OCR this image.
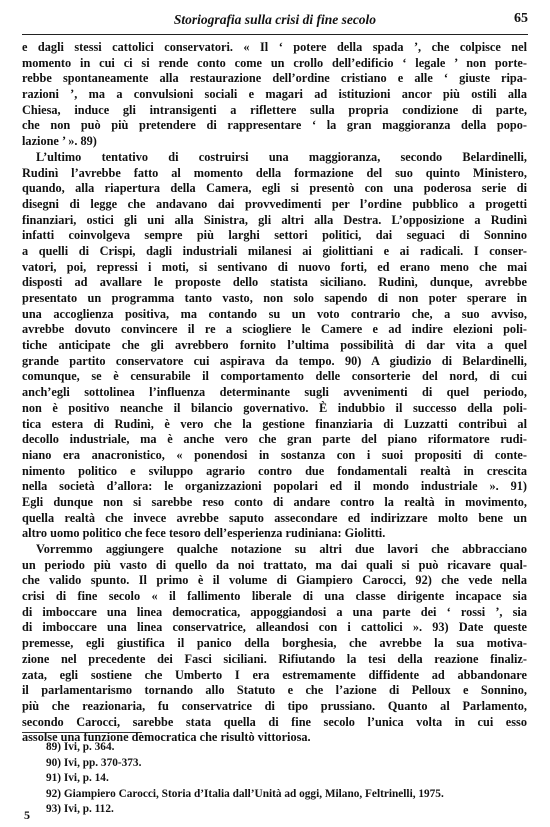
Storiografia sulla crisi di fine secolo	65
e dagli stessi cattolici conservatori. « Il ‘ potere della spada ’, che colpisce nel
momento in cui ci si rende conto come un crollo dell’edificio ‘ legale ’ non porte-
rebbe spontaneamente alla restaurazione dell’ordine cristiano e alle ‘ giuste ripa-
razioni ’, ma a convulsioni sociali e magari ad istituzioni ancor più ostili alla
Chiesa, induce gli intransigenti a riflettere sulla propria condizione di parte,
che non può più pretendere di rappresentare ‘ la gran maggioranza della popo-
lazione ’ ». 89)
L’ultimo tentativo di costruirsi una maggioranza, secondo Belardinelli,
Rudinì l’avrebbe fatto al momento della formazione del suo quinto Ministero,
quando, alla riapertura della Camera, egli si presentò con una poderosa serie di
disegni di legge che andavano dai provvedimenti per l’ordine pubblico a progetti
finanziari, ostici gli uni alla Sinistra, gli altri alla Destra. L’opposizione a Rudinì
infatti coinvolgeva sempre più larghi settori politici, dai seguaci di Sonnino
a quelli di Crispi, dagli industriali milanesi ai giolittiani e ai radicali. I conser-
vatori, poi, repressi i moti, si sentivano di nuovo forti, ed erano meno che mai
disposti ad avallare le proposte dello statista siciliano. Rudinì, dunque, avrebbe
presentato un programma tanto vasto, non solo sapendo di non poter sperare in
una accoglienza positiva, ma contando su un voto contrario che, a suo avviso,
avrebbe dovuto convincere il re a sciogliere le Camere e ad indire elezioni poli-
tiche anticipate che gli avrebbero fornito l’ultima possibilità di dar vita a quel
grande partito conservatore cui aspirava da tempo. 90) A giudizio di Belardinelli,
comunque, se è censurabile il comportamento delle consorterie del nord, di cui
anch’egli sottolinea l’influenza determinante sugli avvenimenti di quel periodo,
non è positivo neanche il bilancio governativo. È indubbio il successo della poli-
tica estera di Rudinì, è vero che la gestione finanziaria di Luzzatti contribuì al
decollo industriale, ma è anche vero che gran parte del piano riformatore rudi-
niano era anacronistico, « ponendosi in sostanza con i suoi propositi di conte-
nimento politico e sviluppo agrario contro due fondamentali realtà in crescita
nella società d’allora: le organizzazioni popolari ed il mondo industriale ». 91)
Egli dunque non si sarebbe reso conto di andare contro la realtà in movimento,
quella realtà che invece avrebbe saputo assecondare ed indirizzare molto bene un
altro uomo politico che fece tesoro dell’esperienza rudiniana: Giolitti.
Vorremmo aggiungere qualche notazione su altri due lavori che abbracciano
un periodo più vasto di quello da noi trattato, ma dai quali si può ricavare qual-
che valido spunto. Il primo è il volume di Giampiero Carocci, 92) che vede nella
crisi di fine secolo « il fallimento liberale di una classe dirigente incapace sia
di imboccare una linea democratica, appoggiandosi a una parte dei ‘ rossi ’, sia
di imboccare una linea conservatrice, alleandosi con i cattolici ». 93) Date queste
premesse, egli giustifica il panico della borghesia, che avrebbe la sua motiva-
zione nel precedente dei Fasci siciliani. Rifiutando la tesi della reazione finaliz-
zata, egli sostiene che Umberto I era estremamente diffidente ad abbandonare
il parlamentarismo tornando allo Statuto e che l’azione di Pelloux e Sonnino,
più che reazionaria, fu conservatrice di tipo prussiano. Quanto al Parlamento,
secondo Carocci, sarebbe stata quella di fine secolo l’unica volta in cui esso
assolse una funzione democratica che risultò vittoriosa.
89) Ivi, p. 364.
90) Ivi, pp. 370-373.
91) Ivi, p. 14.
92) Giampiero Carocci, Storia d’Italia dall’Unità ad oggi, Milano, Feltrinelli, 1975.
93) Ivi, p. 112.
5
